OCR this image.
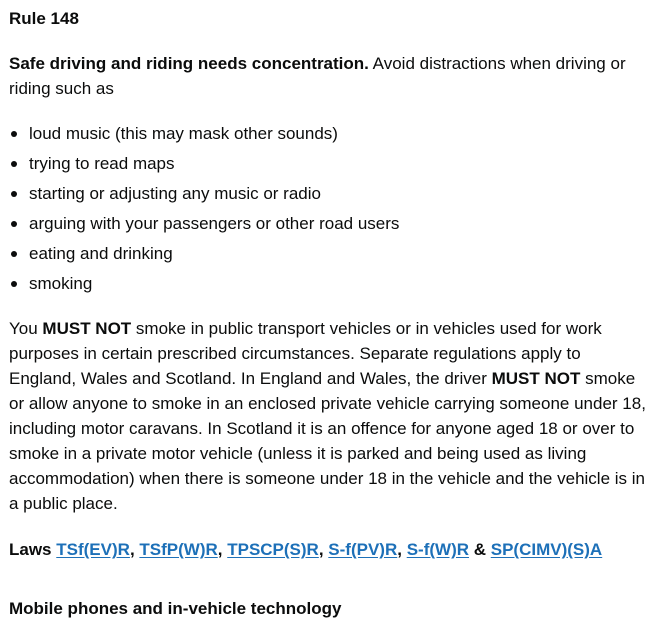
Rule 148

Safe driving and riding needs concentration. Avoid distractions when driving or riding such as

loud music (this may mask other sounds)
trying to read maps
starting or adjusting any music or radio
arguing with your passengers or other road users
eating and drinking
smoking

You MUST NOT smoke in public transport vehicles or in vehicles used for work purposes in certain prescribed circumstances. Separate regulations apply to England, Wales and Scotland. In England and Wales, the driver MUST NOT smoke or allow anyone to smoke in an enclosed private vehicle carrying someone under 18, including motor caravans. In Scotland it is an offence for anyone aged 18 or over to smoke in a private motor vehicle (unless it is parked and being used as living accommodation) when there is someone under 18 in the vehicle and the vehicle is in a public place.

Laws TSf(EV)R, TSfP(W)R, TPSCP(S)R, S-f(PV)R, S-f(W)R & SP(CIMV)(S)A

Mobile phones and in-vehicle technology
